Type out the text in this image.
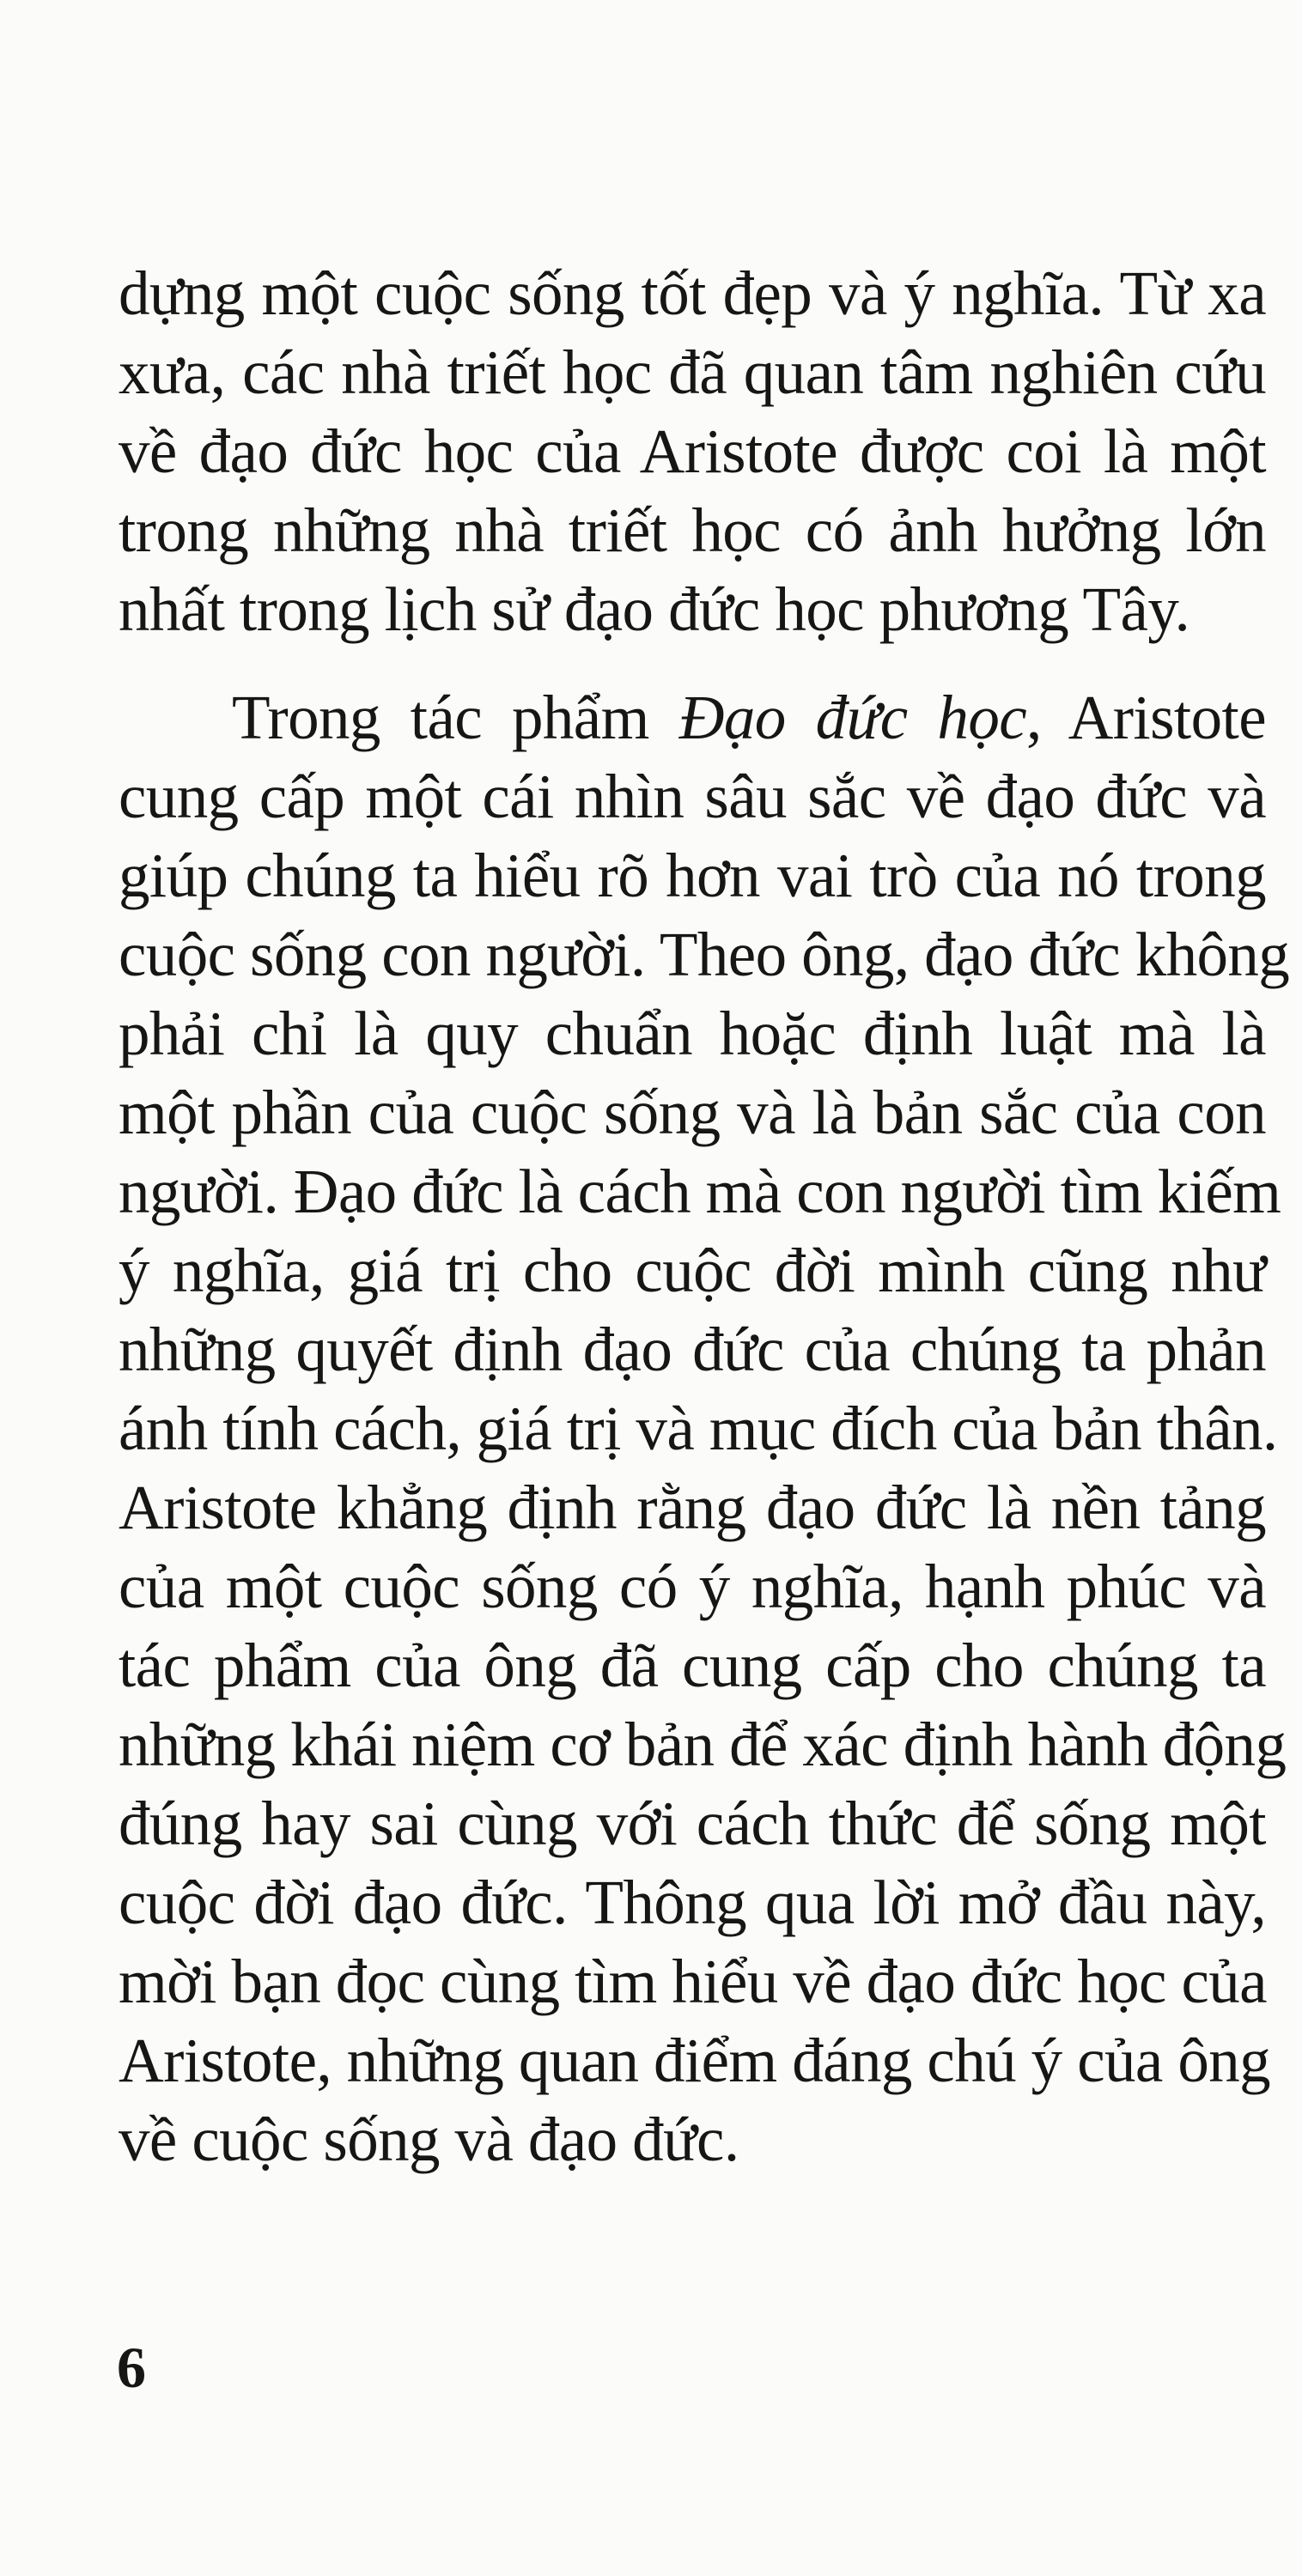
dựng một cuộc sống tốt đẹp và ý nghĩa. Từ xa
xưa, các nhà triết học đã quan tâm nghiên cứu
về đạo đức học của Aristote được coi là một
trong những nhà triết học có ảnh hưởng lớn
nhất trong lịch sử đạo đức học phương Tây.
Trong tác phẩm Đạo đức học, Aristote
cung cấp một cái nhìn sâu sắc về đạo đức và
giúp chúng ta hiểu rõ hơn vai trò của nó trong
cuộc sống con người. Theo ông, đạo đức không
phải chỉ là quy chuẩn hoặc định luật mà là
một phần của cuộc sống và là bản sắc của con
người. Đạo đức là cách mà con người tìm kiếm
ý nghĩa, giá trị cho cuộc đời mình cũng như
những quyết định đạo đức của chúng ta phản
ánh tính cách, giá trị và mục đích của bản thân.
Aristote khẳng định rằng đạo đức là nền tảng
của một cuộc sống có ý nghĩa, hạnh phúc và
tác phẩm của ông đã cung cấp cho chúng ta
những khái niệm cơ bản để xác định hành động
đúng hay sai cùng với cách thức để sống một
cuộc đời đạo đức. Thông qua lời mở đầu này,
mời bạn đọc cùng tìm hiểu về đạo đức học của
Aristote, những quan điểm đáng chú ý của ông
về cuộc sống và đạo đức.
6
